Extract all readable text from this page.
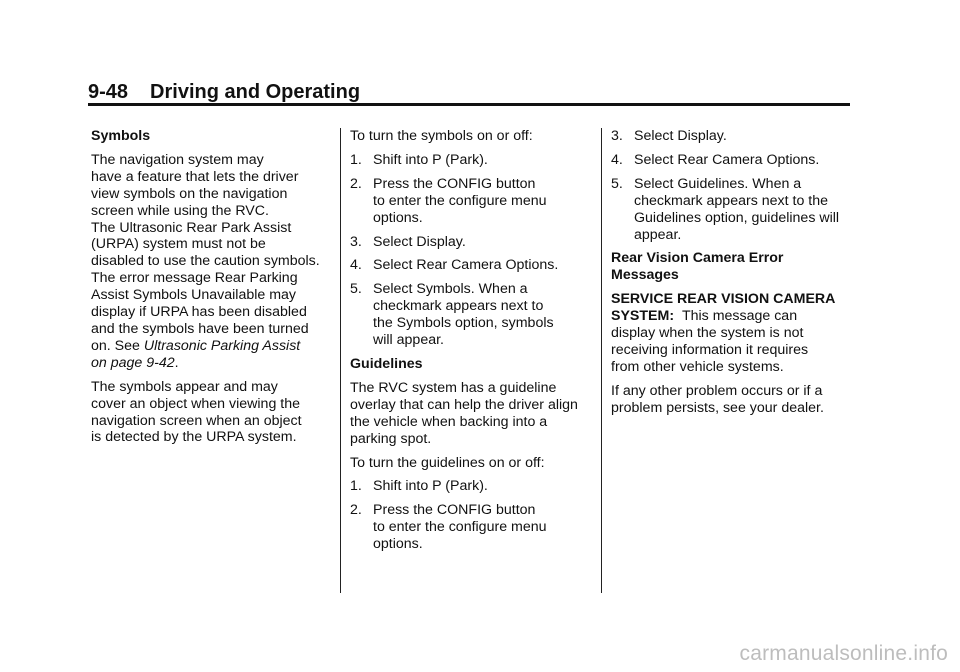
9-48 Driving and Operating

Symbols

The navigation system may
have a feature that lets the driver
view symbols on the navigation
screen while using the RVC.
The Ultrasonic Rear Park Assist
(URPA) system must not be
disabled to use the caution symbols.
The error message Rear Parking
Assist Symbols Unavailable may
display if URPA has been disabled
and the symbols have been turned
on. See Ultrasonic Parking Assist
on page 9-42.

The symbols appear and may
cover an object when viewing the
navigation screen when an object
is detected by the URPA system.

To turn the symbols on or off:

1. Shift into P (Park).
2. Press the CONFIG button
to enter the configure menu
options.
3. Select Display.
4. Select Rear Camera Options.
5. Select Symbols. When a
checkmark appears next to
the Symbols option, symbols
will appear.

Guidelines

The RVC system has a guideline
overlay that can help the driver align
the vehicle when backing into a
parking spot.

To turn the guidelines on or off:

1. Shift into P (Park).
2. Press the CONFIG button
to enter the configure menu
options.
3. Select Display.
4. Select Rear Camera Options.
5. Select Guidelines. When a
checkmark appears next to the
Guidelines option, guidelines will
appear.

Rear Vision Camera Error
Messages

SERVICE REAR VISION CAMERA
SYSTEM: This message can
display when the system is not
receiving information it requires
from other vehicle systems.

If any other problem occurs or if a
problem persists, see your dealer.

carmanualsonline.info
